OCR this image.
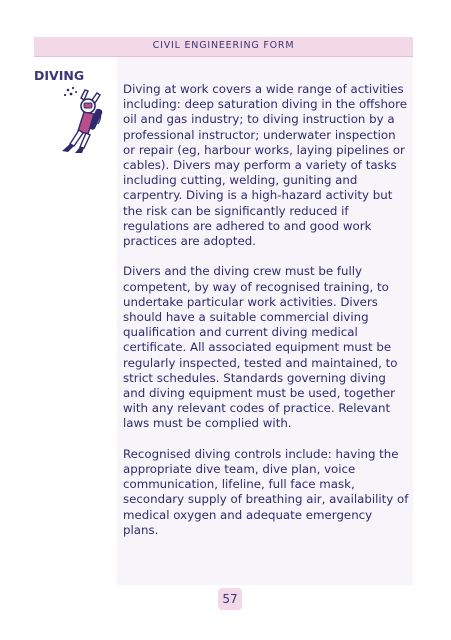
CIVIL ENGINEERING FORM
DIVING

Diving at work covers a wide range of activities including: deep saturation diving in the offshore oil and gas industry; to diving instruction by a professional instructor; underwater inspection or repair (eg, harbour works, laying pipelines or cables). Divers may perform a variety of tasks including cutting, welding, guniting and carpentry. Diving is a high-hazard activity but the risk can be significantly reduced if regulations are adhered to and good work practices are adopted.

Divers and the diving crew must be fully competent, by way of recognised training, to undertake particular work activities. Divers should have a suitable commercial diving qualification and current diving medical certificate. All associated equipment must be regularly inspected, tested and maintained, to strict schedules. Standards governing diving and diving equipment must be used, together with any relevant codes of practice. Relevant laws must be complied with.

Recognised diving controls include: having the appropriate dive team, dive plan, voice communication, lifeline, full face mask, secondary supply of breathing air, availability of medical oxygen and adequate emergency plans.

57
